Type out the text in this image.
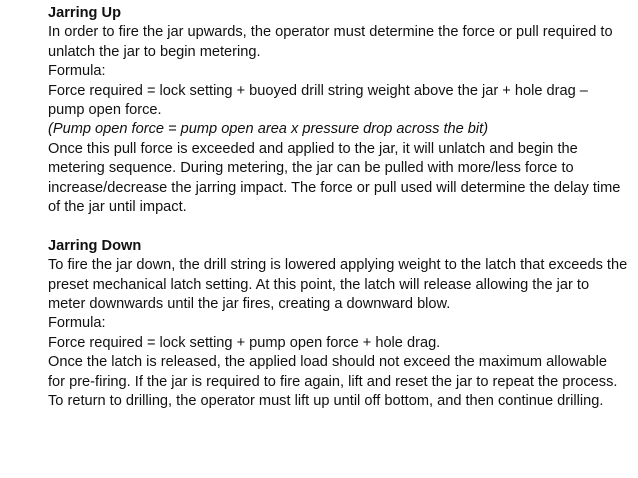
Jarring Up

In order to fire the jar upwards, the operator must determine the force or pull required to unlatch the jar to begin metering.

Formula:

Force required = lock setting + buoyed drill string weight above the jar + hole drag – pump open force.

(Pump open force = pump open area x pressure drop across the bit)

Once this pull force is exceeded and applied to the jar, it will unlatch and begin the metering sequence. During metering, the jar can be pulled with more/less force to increase/decrease the jarring impact. The force or pull used will determine the delay time of the jar until impact.

Jarring Down

To fire the jar down, the drill string is lowered applying weight to the latch that exceeds the preset mechanical latch setting. At this point, the latch will release allowing the jar to meter downwards until the jar fires, creating a downward blow.

Formula:

Force required = lock setting + pump open force + hole drag.

Once the latch is released, the applied load should not exceed the maximum allowable for pre-firing. If the jar is required to fire again, lift and reset the jar to repeat the process. To return to drilling, the operator must lift up until off bottom, and then continue drilling.
